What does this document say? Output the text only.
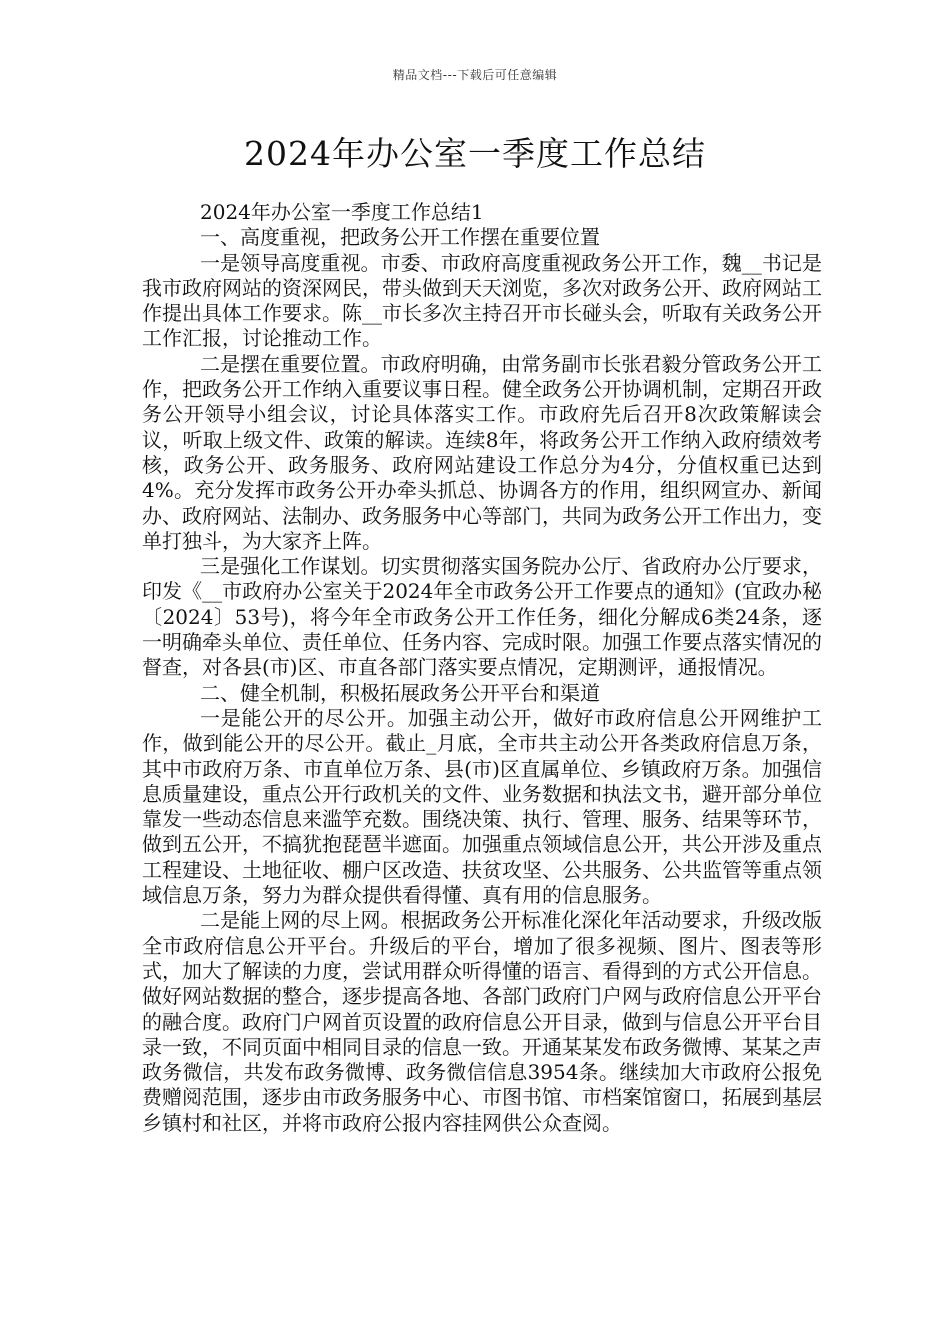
精品文档---下载后可任意编辑
2024年办公室一季度工作总结

2024年办公室一季度工作总结1

一、高度重视，把政务公开工作摆在重要位置

一是领导高度重视。市委、市政府高度重视政务公开工作，魏__书记是我市政府网站的资深网民，带头做到天天浏览，多次对政务公开、政府网站工作提出具体工作要求。陈__市长多次主持召开市长碰头会，听取有关政务公开工作汇报，讨论推动工作。

二是摆在重要位置。市政府明确，由常务副市长张君毅分管政务公开工作，把政务公开工作纳入重要议事日程。健全政务公开协调机制，定期召开政务公开领导小组会议，讨论具体落实工作。市政府先后召开8次政策解读会议，听取上级文件、政策的解读。连续8年，将政务公开工作纳入政府绩效考核，政务公开、政务服务、政府网站建设工作总分为4分，分值权重已达到4%。充分发挥市政务公开办牵头抓总、协调各方的作用，组织网宣办、新闻办、政府网站、法制办、政务服务中心等部门，共同为政务公开工作出力，变单打独斗，为大家齐上阵。

三是强化工作谋划。切实贯彻落实国务院办公厅、省政府办公厅要求，印发《__市政府办公室关于2024年全市政务公开工作要点的通知》(宜政办秘〔2024〕53号)，将今年全市政务公开工作任务，细化分解成6类24条，逐一明确牵头单位、责任单位、任务内容、完成时限。加强工作要点落实情况的督查，对各县(市)区、市直各部门落实要点情况，定期测评，通报情况。

二、健全机制，积极拓展政务公开平台和渠道

一是能公开的尽公开。加强主动公开，做好市政府信息公开网维护工作，做到能公开的尽公开。截止_月底，全市共主动公开各类政府信息万条，其中市政府万条、市直单位万条、县(市)区直属单位、乡镇政府万条。加强信息质量建设，重点公开行政机关的文件、业务数据和执法文书，避开部分单位靠发一些动态信息来滥竽充数。围绕决策、执行、管理、服务、结果等环节，做到五公开，不搞犹抱琵琶半遮面。加强重点领域信息公开，共公开涉及重点工程建设、土地征收、棚户区改造、扶贫攻坚、公共服务、公共监管等重点领域信息万条，努力为群众提供看得懂、真有用的信息服务。

二是能上网的尽上网。根据政务公开标准化深化年活动要求，升级改版全市政府信息公开平台。升级后的平台，增加了很多视频、图片、图表等形式，加大了解读的力度，尝试用群众听得懂的语言、看得到的方式公开信息。做好网站数据的整合，逐步提高各地、各部门政府门户网与政府信息公开平台的融合度。政府门户网首页设置的政府信息公开目录，做到与信息公开平台目录一致，不同页面中相同目录的信息一致。开通某某发布政务微博、某某之声政务微信，共发布政务微博、政务微信信息3954条。继续加大市政府公报免费赠阅范围，逐步由市政务服务中心、市图书馆、市档案馆窗口，拓展到基层乡镇村和社区，并将市政府公报内容挂网供公众查阅。
